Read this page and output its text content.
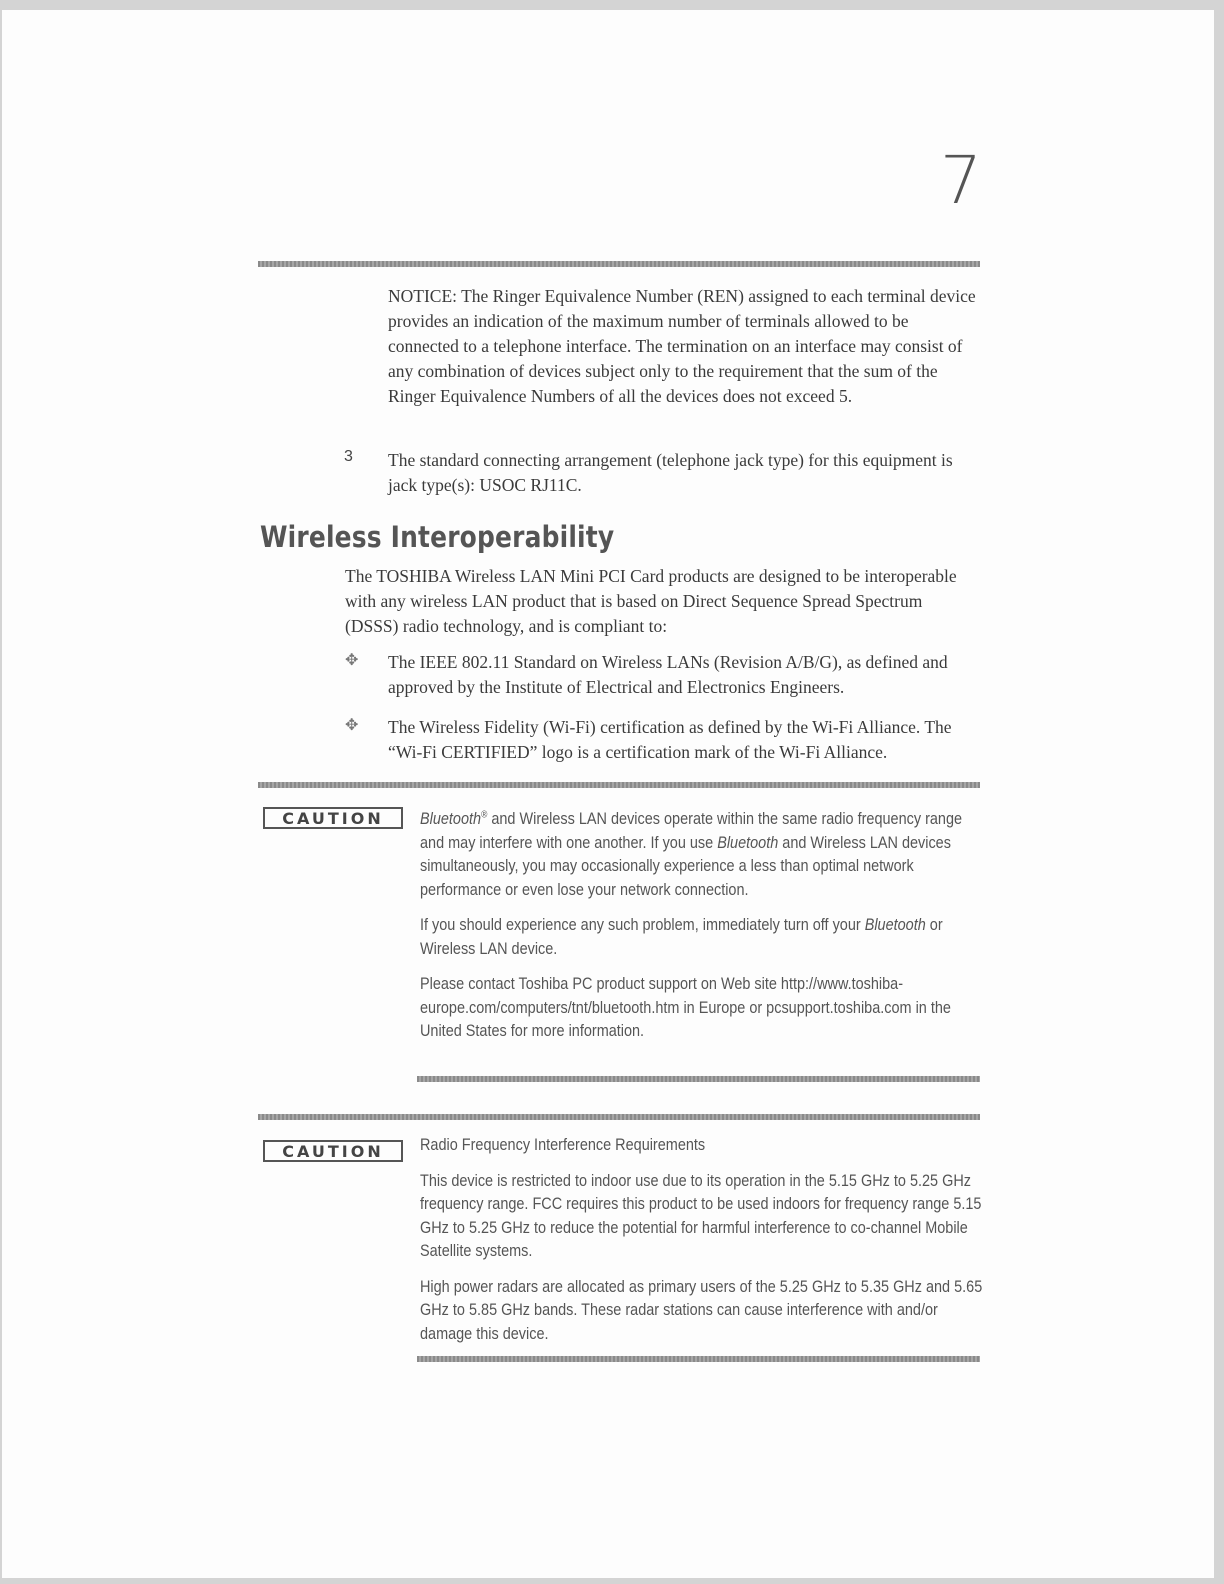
7
NOTICE: The Ringer Equivalence Number (REN) assigned to each terminal device provides an indication of the maximum number of terminals allowed to be connected to a telephone interface. The termination on an interface may consist of any combination of devices subject only to the requirement that the sum of the Ringer Equivalence Numbers of all the devices does not exceed 5.
3 The standard connecting arrangement (telephone jack type) for this equipment is jack type(s): USOC RJ11C.
Wireless Interoperability
The TOSHIBA Wireless LAN Mini PCI Card products are designed to be interoperable with any wireless LAN product that is based on Direct Sequence Spread Spectrum (DSSS) radio technology, and is compliant to:
✥ The IEEE 802.11 Standard on Wireless LANs (Revision A/B/G), as defined and approved by the Institute of Electrical and Electronics Engineers.
✥ The Wireless Fidelity (Wi-Fi) certification as defined by the Wi-Fi Alliance. The “Wi-Fi CERTIFIED” logo is a certification mark of the Wi-Fi Alliance.
CAUTION	Bluetooth® and Wireless LAN devices operate within the same radio frequency range and may interfere with one another. If you use Bluetooth and Wireless LAN devices simultaneously, you may occasionally experience a less than optimal network performance or even lose your network connection.

If you should experience any such problem, immediately turn off your Bluetooth or Wireless LAN device.

Please contact Toshiba PC product support on Web site http://www.toshiba-europe.com/computers/tnt/bluetooth.htm in Europe or pcsupport.toshiba.com in the United States for more information.

CAUTION	Radio Frequency Interference Requirements

This device is restricted to indoor use due to its operation in the 5.15 GHz to 5.25 GHz frequency range. FCC requires this product to be used indoors for frequency range 5.15 GHz to 5.25 GHz to reduce the potential for harmful interference to co-channel Mobile Satellite systems.

High power radars are allocated as primary users of the 5.25 GHz to 5.35 GHz and 5.65 GHz to 5.85 GHz bands. These radar stations can cause interference with and/or damage this device.
